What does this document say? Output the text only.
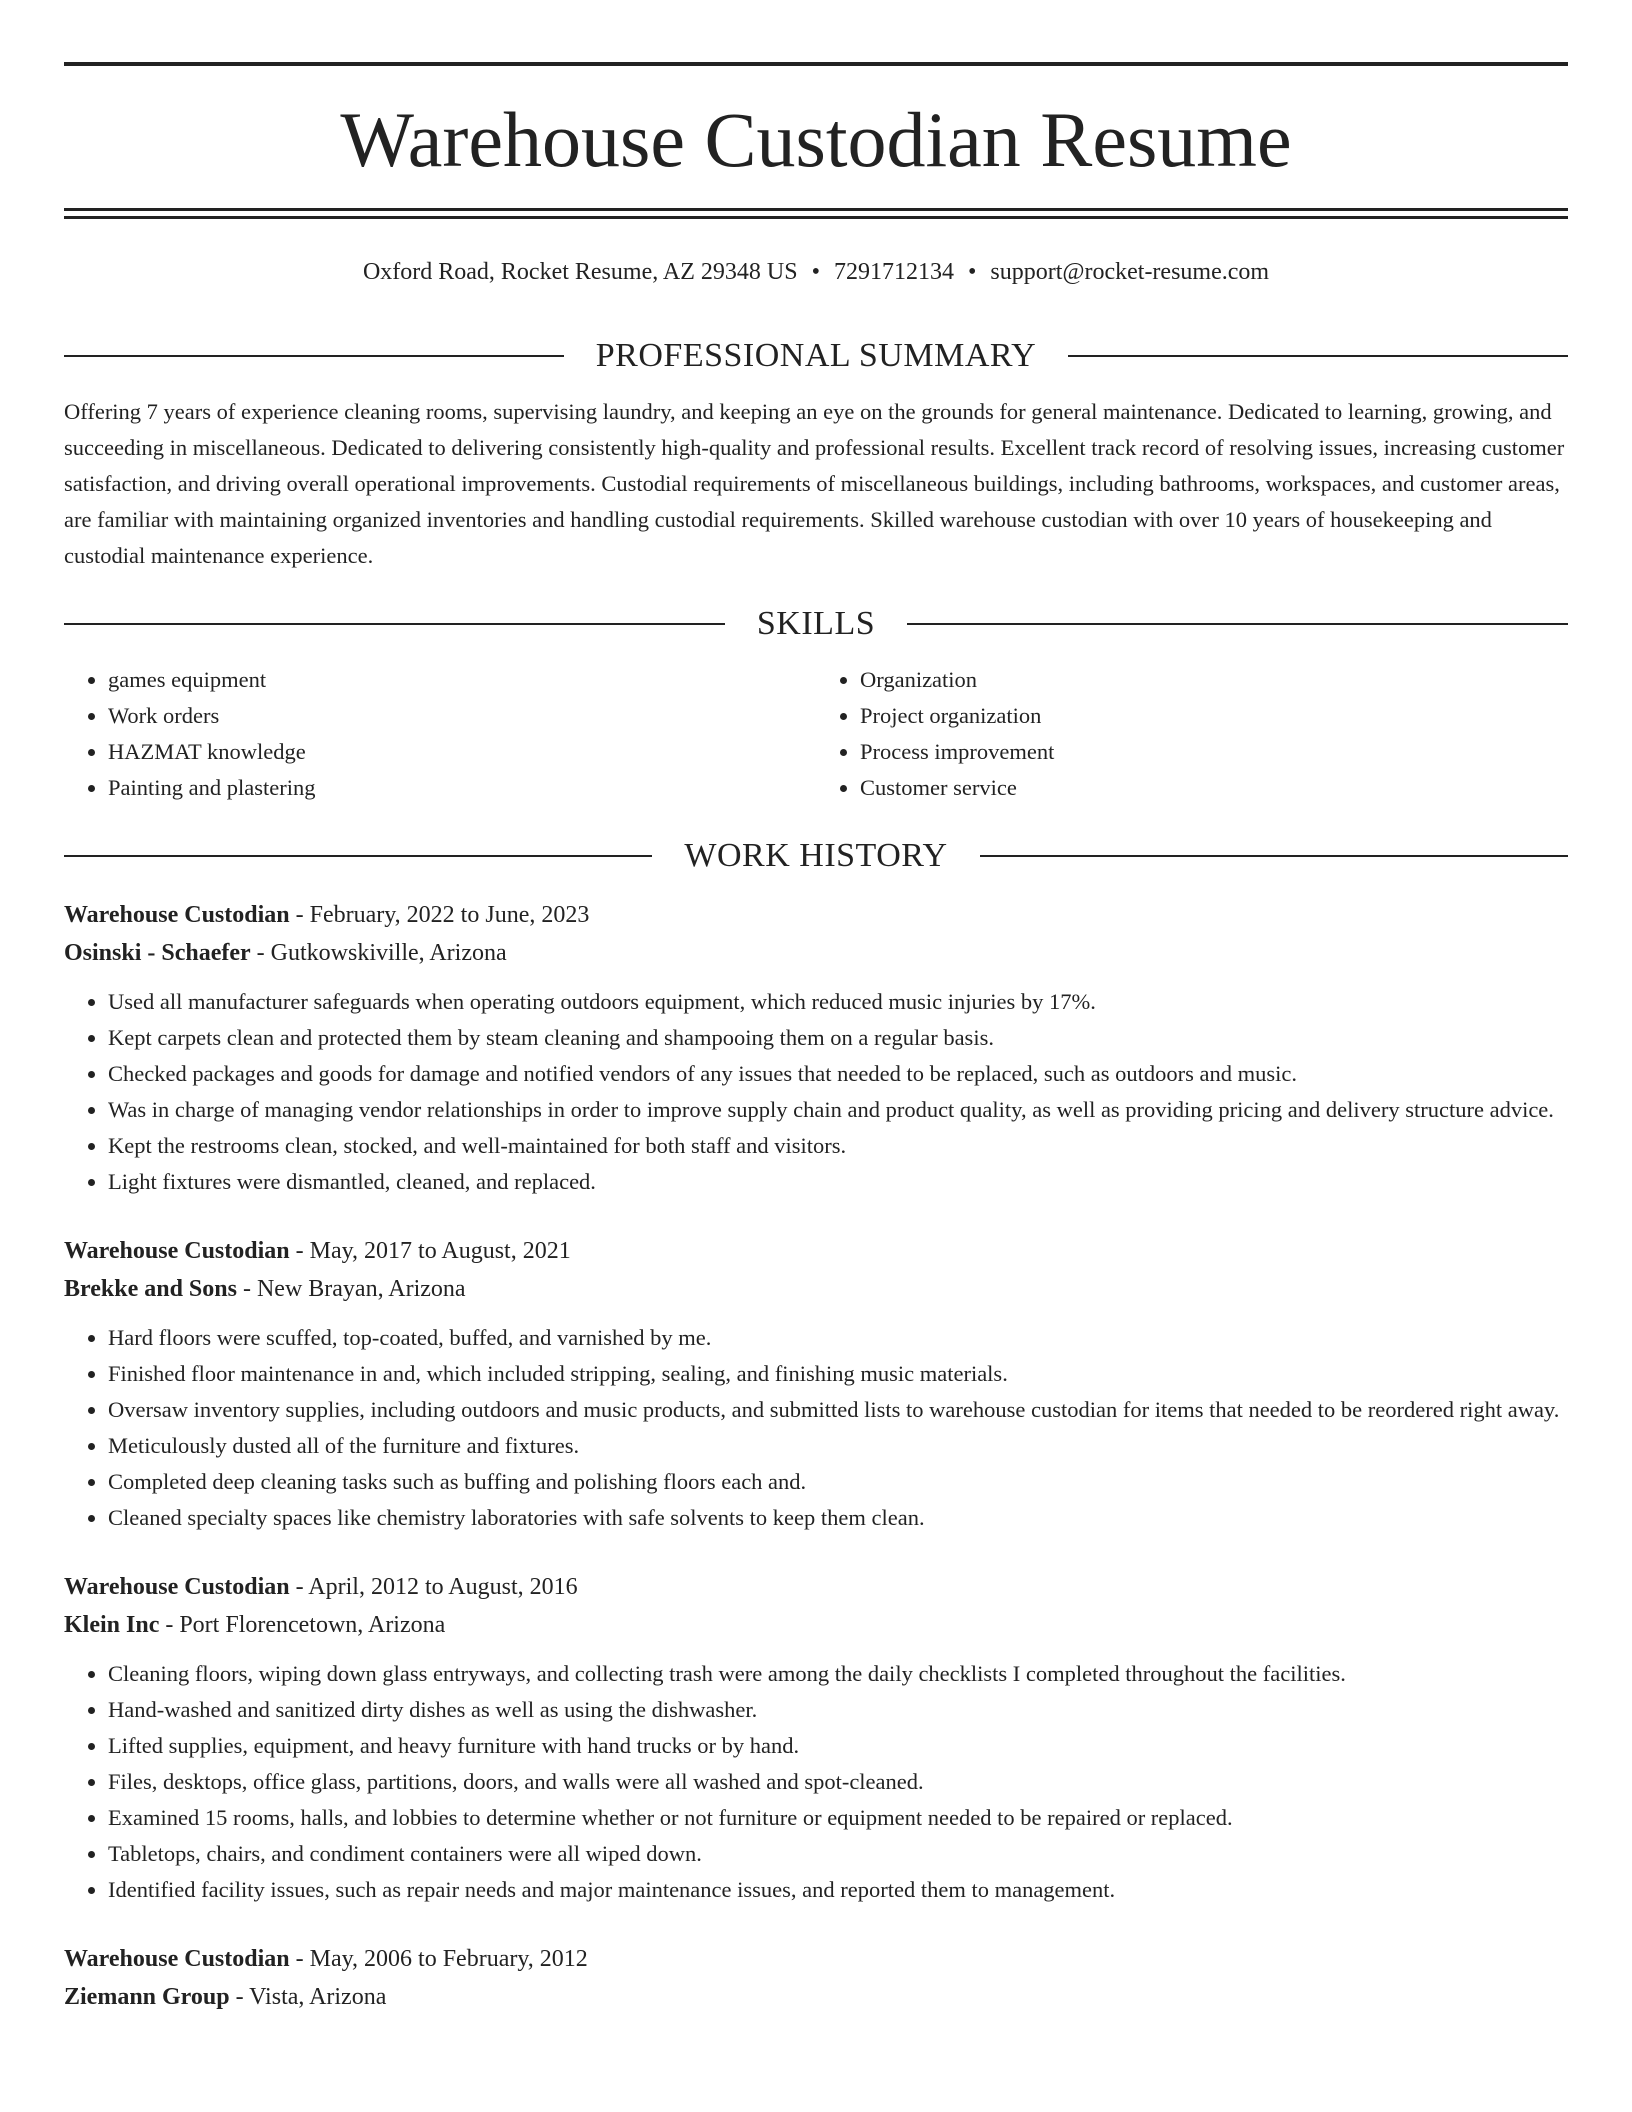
Warehouse Custodian Resume
Oxford Road, Rocket Resume, AZ 29348 US • 7291712134 • support@rocket-resume.com
PROFESSIONAL SUMMARY

Offering 7 years of experience cleaning rooms, supervising laundry, and keeping an eye on the grounds for general maintenance. Dedicated to learning, growing, and succeeding in miscellaneous. Dedicated to delivering consistently high-quality and professional results. Excellent track record of resolving issues, increasing customer satisfaction, and driving overall operational improvements. Custodial requirements of miscellaneous buildings, including bathrooms, workspaces, and customer areas, are familiar with maintaining organized inventories and handling custodial requirements. Skilled warehouse custodian with over 10 years of housekeeping and custodial maintenance experience.

SKILLS
• games equipment
• Work orders
• HAZMAT knowledge
• Painting and plastering
• Organization
• Project organization
• Process improvement
• Customer service
WORK HISTORY
Warehouse Custodian - February, 2022 to June, 2023
Osinski - Schaefer - Gutkowskiville, Arizona
• Used all manufacturer safeguards when operating outdoors equipment, which reduced music injuries by 17%.
• Kept carpets clean and protected them by steam cleaning and shampooing them on a regular basis.
• Checked packages and goods for damage and notified vendors of any issues that needed to be replaced, such as outdoors and music.
• Was in charge of managing vendor relationships in order to improve supply chain and product quality, as well as providing pricing and delivery structure advice.
• Kept the restrooms clean, stocked, and well-maintained for both staff and visitors.
• Light fixtures were dismantled, cleaned, and replaced.
Warehouse Custodian - May, 2017 to August, 2021
Brekke and Sons - New Brayan, Arizona
• Hard floors were scuffed, top-coated, buffed, and varnished by me.
• Finished floor maintenance in and, which included stripping, sealing, and finishing music materials.
• Oversaw inventory supplies, including outdoors and music products, and submitted lists to warehouse custodian for items that needed to be reordered right away.
• Meticulously dusted all of the furniture and fixtures.
• Completed deep cleaning tasks such as buffing and polishing floors each and.
• Cleaned specialty spaces like chemistry laboratories with safe solvents to keep them clean.
Warehouse Custodian - April, 2012 to August, 2016
Klein Inc - Port Florencetown, Arizona
• Cleaning floors, wiping down glass entryways, and collecting trash were among the daily checklists I completed throughout the facilities.
• Hand-washed and sanitized dirty dishes as well as using the dishwasher.
• Lifted supplies, equipment, and heavy furniture with hand trucks or by hand.
• Files, desktops, office glass, partitions, doors, and walls were all washed and spot-cleaned.
• Examined 15 rooms, halls, and lobbies to determine whether or not furniture or equipment needed to be repaired or replaced.
• Tabletops, chairs, and condiment containers were all wiped down.
• Identified facility issues, such as repair needs and major maintenance issues, and reported them to management.
Warehouse Custodian - May, 2006 to February, 2012
Ziemann Group - Vista, Arizona
